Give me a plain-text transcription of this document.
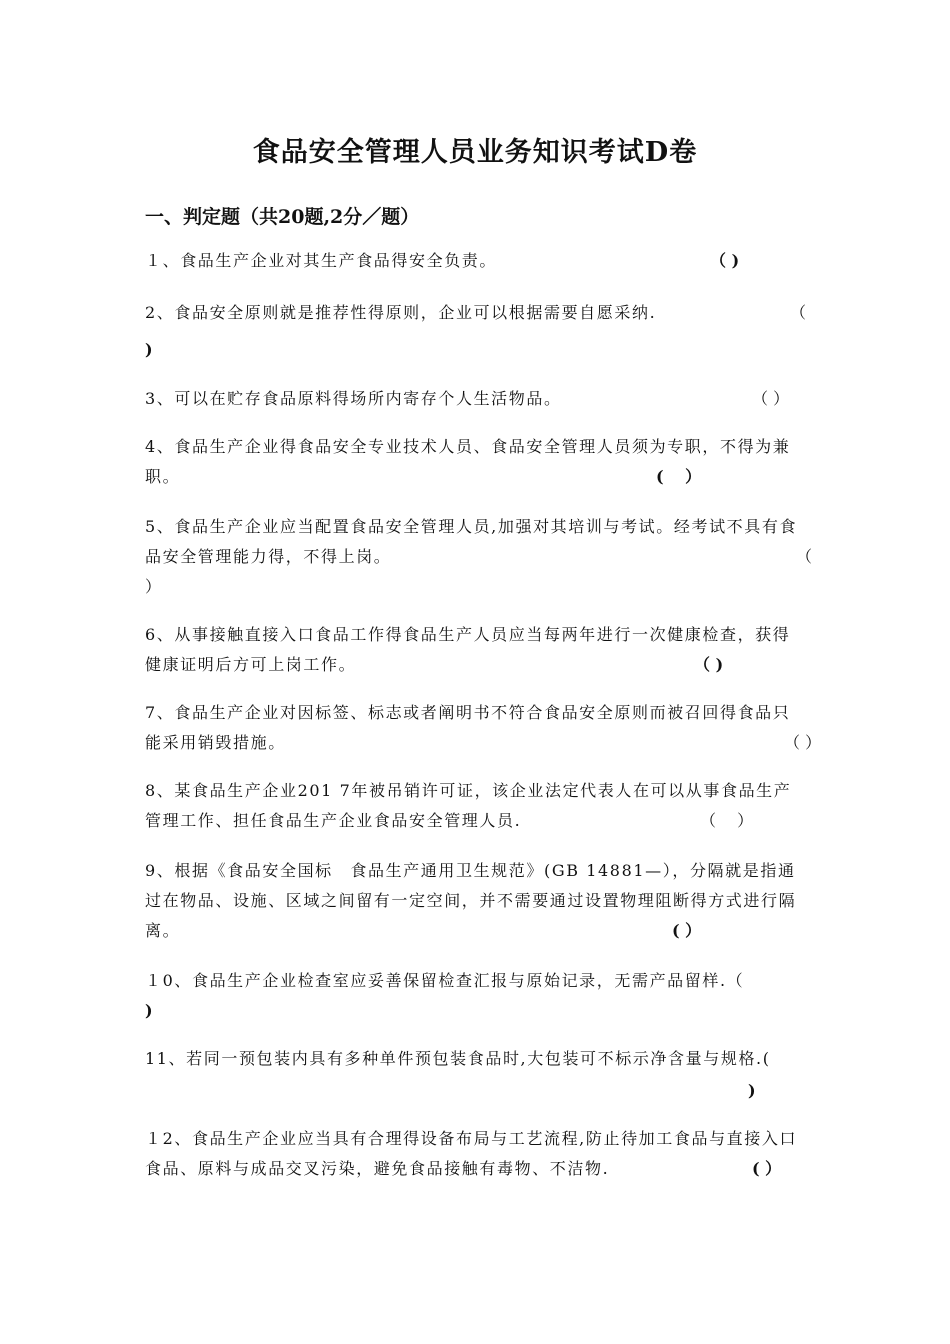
食品安全管理人员业务知识考试D卷
一、判定题（共20题,2分／题）
１、食品生产企业对其生产食品得安全负责。	（ )
2、食品安全原则就是推荐性得原则，企业可以根据需要自愿采纳.	（
)
3、可以在贮存食品原料得场所内寄存个人生活物品。	（ ）
4、食品生产企业得食品安全专业技术人员、食品安全管理人员须为专职，不得为兼职。	(　 ）
5、食品生产企业应当配置食品安全管理人员,加强对其培训与考试。经考试不具有食品安全管理能力得，不得上岗。	（
）
6、从事接触直接入口食品工作得食品生产人员应当每两年进行一次健康检查，获得健康证明后方可上岗工作。	（ )
7、食品生产企业对因标签、标志或者阐明书不符合食品安全原则而被召回得食品只能采用销毁措施。	（ ）
8、某食品生产企业201 7年被吊销许可证，该企业法定代表人在可以从事食品生产管理工作、担任食品生产企业食品安全管理人员.	（　 ）
9、根据《食品安全国标　食品生产通用卫生规范》(GB 14881—），分隔就是指通过在物品、设施、区域之间留有一定空间，并不需要通过设置物理阻断得方式进行隔离。	( ）
１0、食品生产企业检查室应妥善保留检查汇报与原始记录，无需产品留样.（
)
11、若同一预包装内具有多种单件预包装食品时,大包装可不标示净含量与规格.(
)
１2、食品生产企业应当具有合理得设备布局与工艺流程,防止待加工食品与直接入口食品、原料与成品交叉污染，避免食品接触有毒物、不洁物.	( ）
